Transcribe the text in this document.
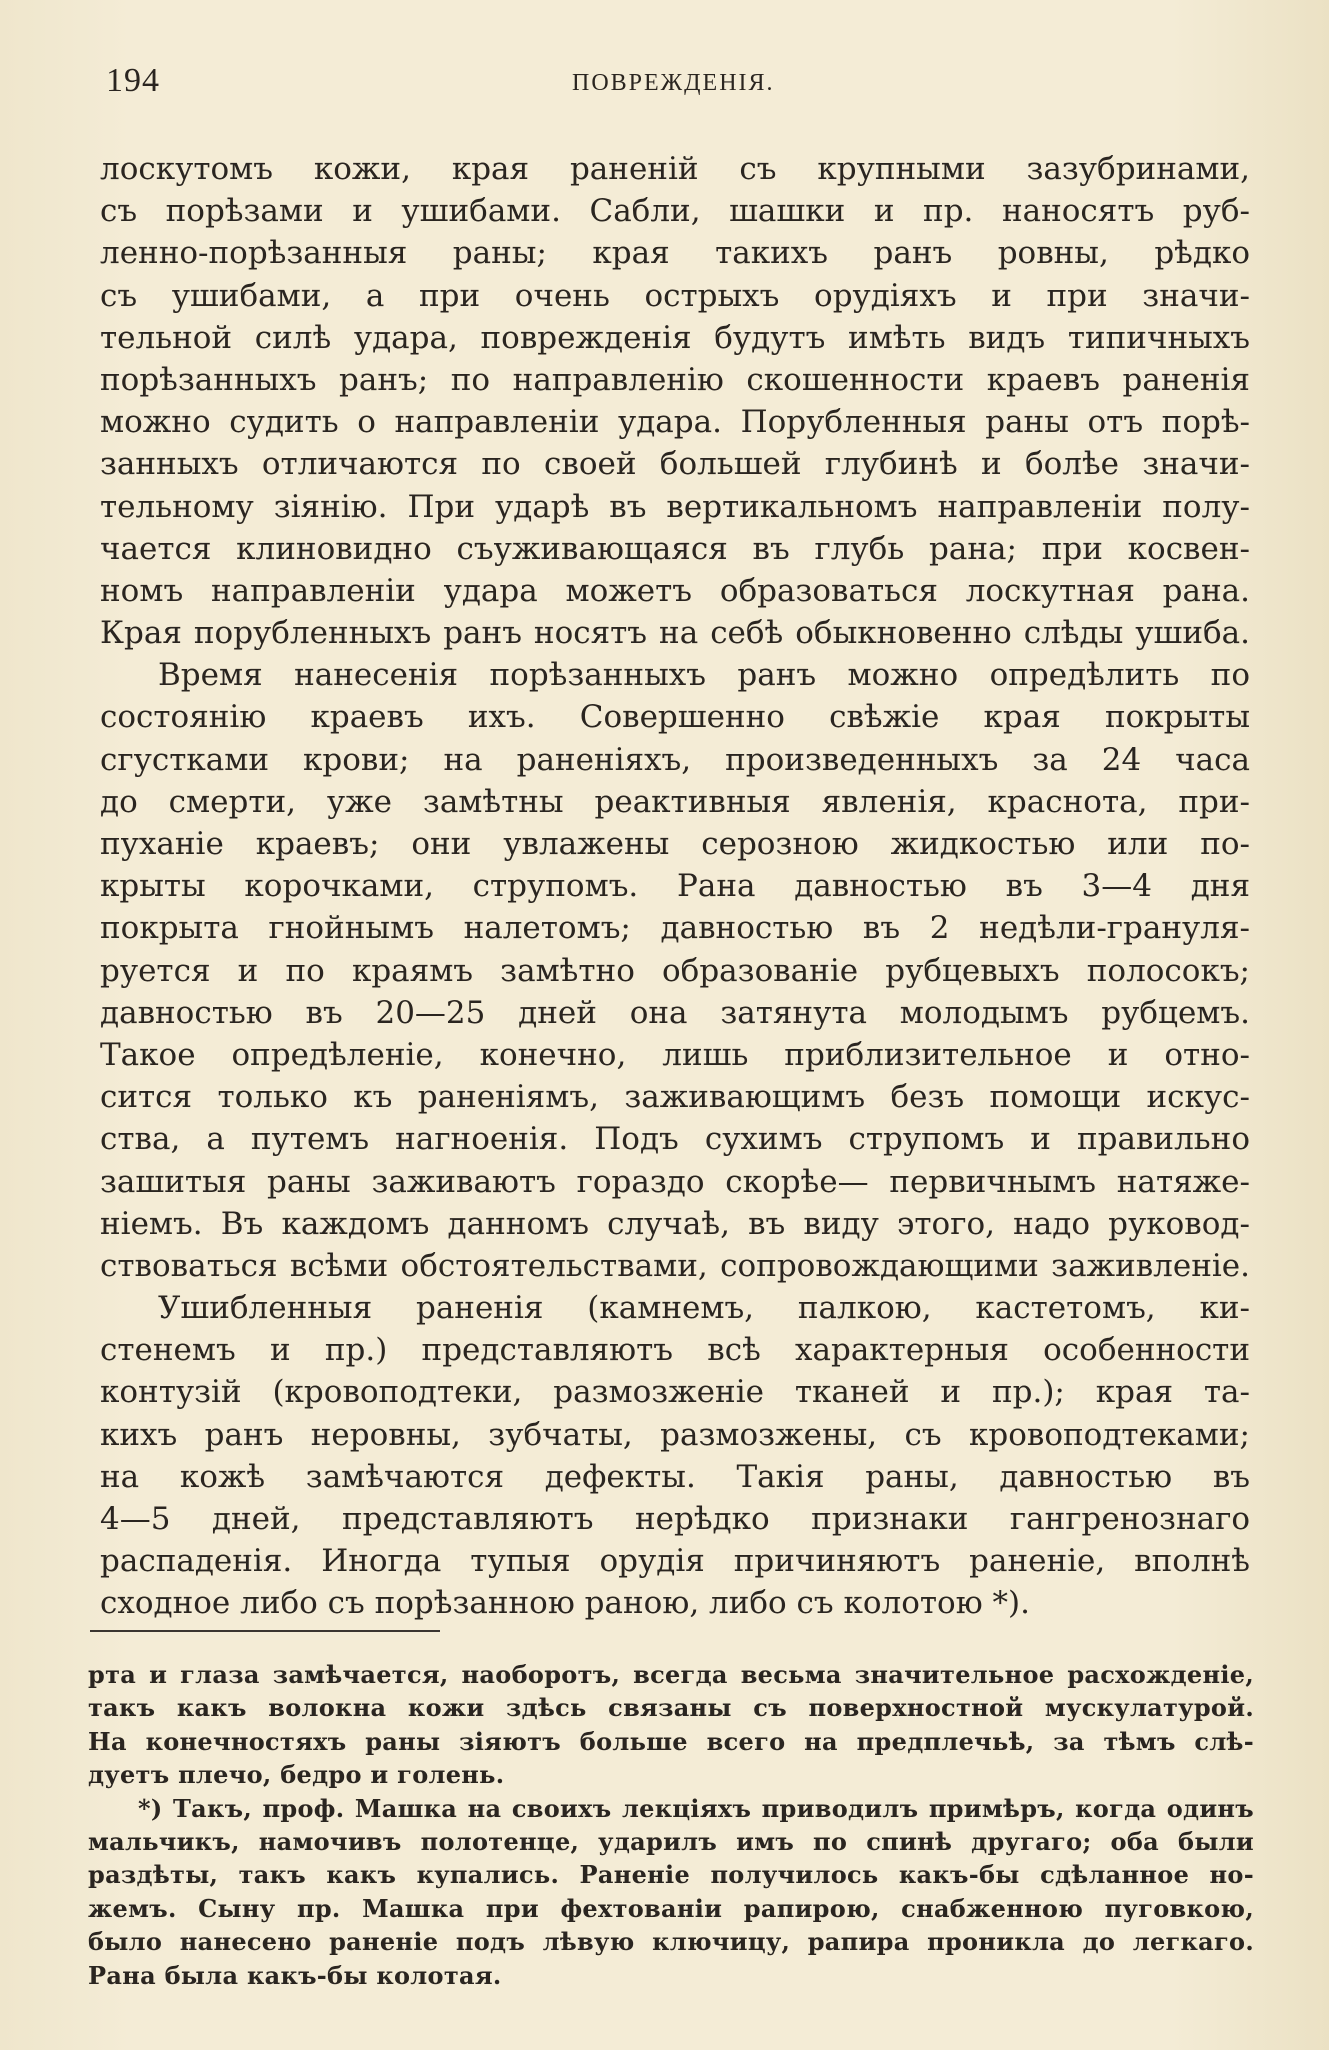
194	ПОВРЕЖДЕНІЯ.
лоскутомъ кожи, края раненій съ крупными зазубринами,
съ порѣзами и ушибами. Сабли, шашки и пр. наносятъ руб-
ленно-порѣзанныя раны; края такихъ ранъ ровны, рѣдко
съ ушибами, а при очень острыхъ орудіяхъ и при значи-
тельной силѣ удара, поврежденія будутъ имѣть видъ типичныхъ
порѣзанныхъ ранъ; по направленію скошенности краевъ раненія
можно судить о направленіи удара. Порубленныя раны отъ порѣ-
занныхъ отличаются по своей большей глубинѣ и болѣе значи-
тельному зіянію. При ударѣ въ вертикальномъ направленіи полу-
чается клиновидно съуживающаяся въ глубь рана; при косвен-
номъ направленіи удара можетъ образоваться лоскутная рана.
Края порубленныхъ ранъ носятъ на себѣ обыкновенно слѣды ушиба.
Время нанесенія порѣзанныхъ ранъ можно опредѣлить по
состоянію краевъ ихъ. Совершенно свѣжіе края покрыты
сгустками крови; на раненіяхъ, произведенныхъ за 24 часа
до смерти, уже замѣтны реактивныя явленія, краснота, при-
пуханіе краевъ; они увлажены серозною жидкостью или по-
крыты корочками, струпомъ. Рана давностью въ 3—4 дня
покрыта гнойнымъ налетомъ; давностью въ 2 недѣли-грануля-
руется и по краямъ замѣтно образованіе рубцевыхъ полосокъ;
давностью въ 20—25 дней она затянута молодымъ рубцемъ.
Такое опредѣленіе, конечно, лишь приблизительное и отно-
сится только къ раненіямъ, заживающимъ безъ помощи искус-
ства, а путемъ нагноенія. Подъ сухимъ струпомъ и правильно
зашитыя раны заживаютъ гораздо скорѣе— первичнымъ натяже-
ніемъ. Въ каждомъ данномъ случаѣ, въ виду этого, надо руковод-
ствоваться всѣми обстоятельствами, сопровождающими заживленіе.
Ушибленныя раненія (камнемъ, палкою, кастетомъ, ки-
стенемъ и пр.) представляютъ всѣ характерныя особенности
контузій (кровоподтеки, размозженіе тканей и пр.); края та-
кихъ ранъ неровны, зубчаты, размозжены, съ кровоподтеками;
на кожѣ замѣчаются дефекты. Такія раны, давностью въ
4—5 дней, представляютъ нерѣдко признаки гангренознаго
распаденія. Иногда тупыя орудія причиняютъ раненіе, вполнѣ
сходное либо съ порѣзанною раною, либо съ колотою *).
рта и глаза замѣчается, наоборотъ, всегда весьма значительное расхожденіе,
такъ какъ волокна кожи здѣсь связаны съ поверхностной мускулатурой.
На конечностяхъ раны зіяютъ больше всего на предплечьѣ, за тѣмъ слѣ-
дуетъ плечо, бедро и голень.
*) Такъ, проф. Машка на своихъ лекціяхъ приводилъ примѣръ, когда одинъ
мальчикъ, намочивъ полотенце, ударилъ имъ по спинѣ другаго; оба были
раздѣты, такъ какъ купались. Раненіе получилось какъ-бы сдѣланное но-
жемъ. Сыну пр. Машка при фехтованіи рапирою, снабженною пуговкою,
было нанесено раненіе подъ лѣвую ключицу, рапира проникла до легкаго.
Рана была какъ-бы колотая.
